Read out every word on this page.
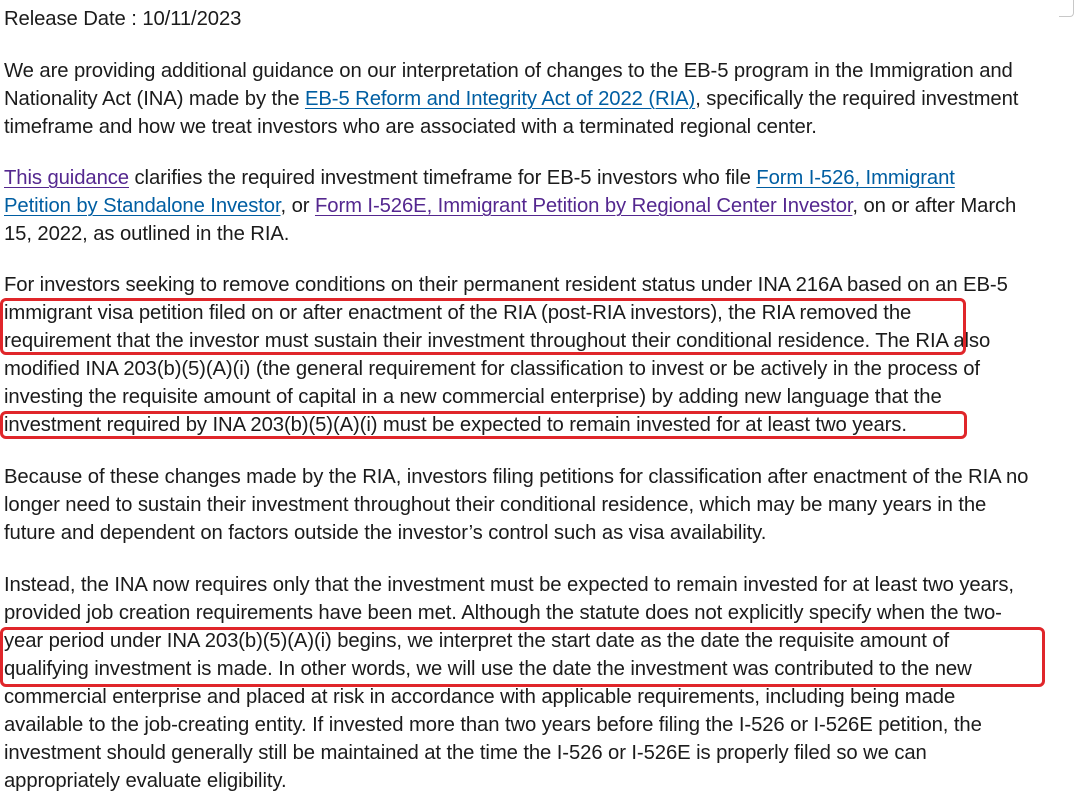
Release Date : 10/11/2023
We are providing additional guidance on our interpretation of changes to the EB-5 program in the Immigration and
Nationality Act (INA) made by the EB-5 Reform and Integrity Act of 2022 (RIA), specifically the required investment
timeframe and how we treat investors who are associated with a terminated regional center.
This guidance clarifies the required investment timeframe for EB-5 investors who file Form I-526, Immigrant
Petition by Standalone Investor, or Form I-526E, Immigrant Petition by Regional Center Investor, on or after March
15, 2022, as outlined in the RIA.
For investors seeking to remove conditions on their permanent resident status under INA 216A based on an EB-5
immigrant visa petition filed on or after enactment of the RIA (post-RIA investors), the RIA removed the
requirement that the investor must sustain their investment throughout their conditional residence. The RIA also
modified INA 203(b)(5)(A)(i) (the general requirement for classification to invest or be actively in the process of
investing the requisite amount of capital in a new commercial enterprise) by adding new language that the
investment required by INA 203(b)(5)(A)(i) must be expected to remain invested for at least two years.
Because of these changes made by the RIA, investors filing petitions for classification after enactment of the RIA no
longer need to sustain their investment throughout their conditional residence, which may be many years in the
future and dependent on factors outside the investor’s control such as visa availability.
Instead, the INA now requires only that the investment must be expected to remain invested for at least two years,
provided job creation requirements have been met. Although the statute does not explicitly specify when the two-
year period under INA 203(b)(5)(A)(i) begins, we interpret the start date as the date the requisite amount of
qualifying investment is made. In other words, we will use the date the investment was contributed to the new
commercial enterprise and placed at risk in accordance with applicable requirements, including being made
available to the job-creating entity. If invested more than two years before filing the I-526 or I-526E petition, the
investment should generally still be maintained at the time the I-526 or I-526E is properly filed so we can
appropriately evaluate eligibility.
